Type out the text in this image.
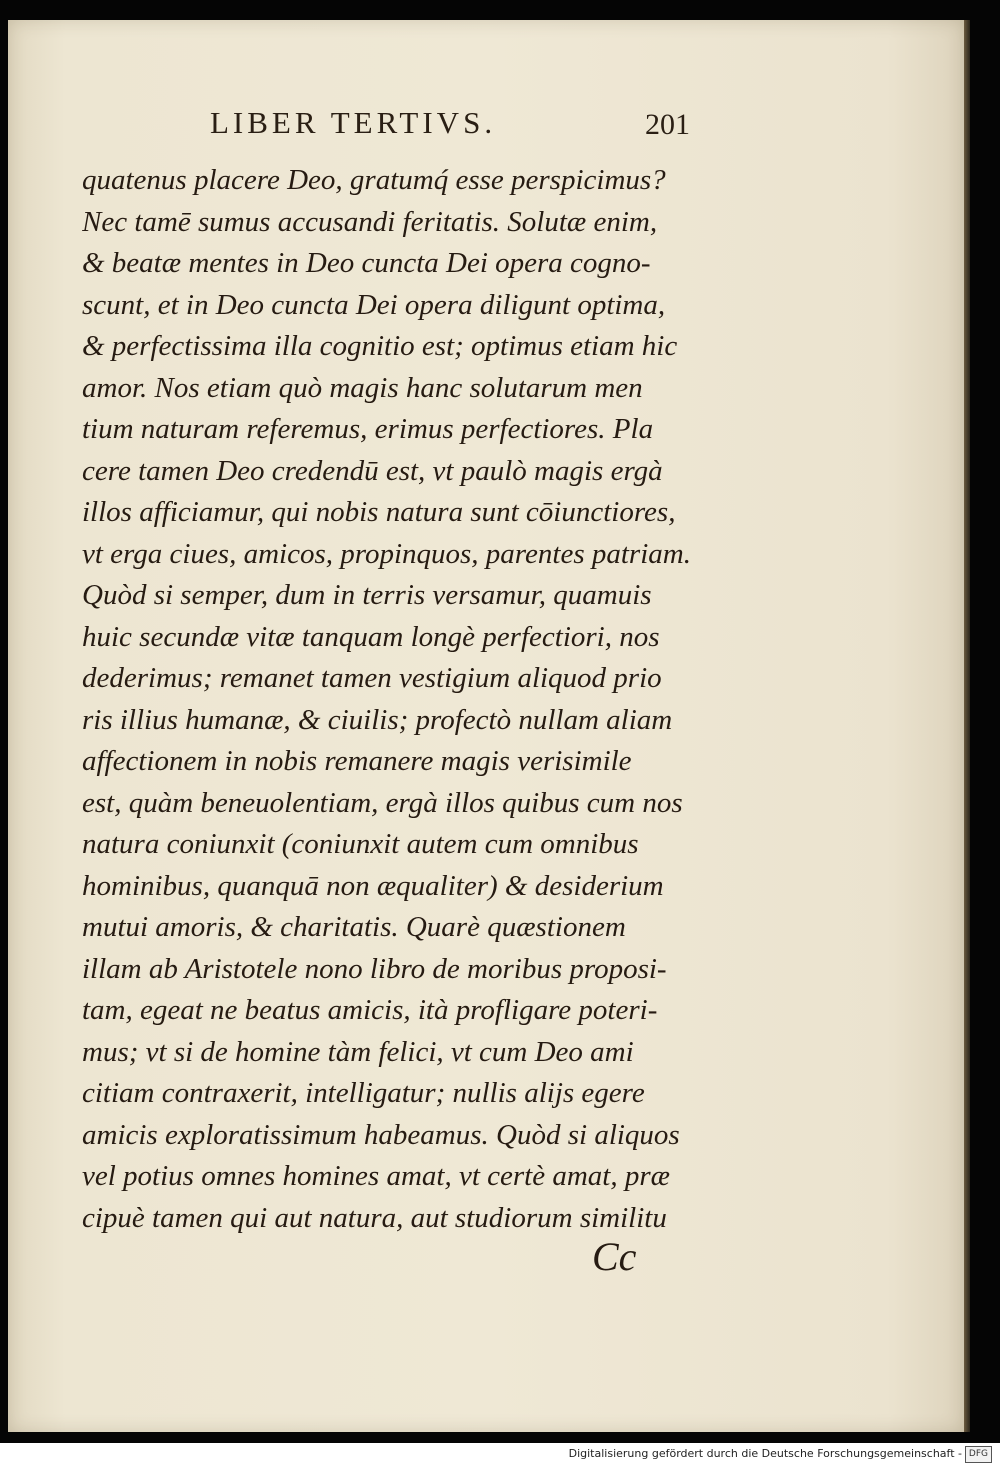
LIBER TERTIVS.	201
quatenus placere Deo, gratumq́ esse perspicimus?
Nec tamē sumus accusandi feritatis. Solutæ enim,
& beatæ mentes in Deo cuncta Dei opera cogno-
scunt, et in Deo cuncta Dei opera diligunt optima,
& perfectissima illa cognitio est; optimus etiam hic
amor. Nos etiam quò magis hanc solutarum men
tium naturam referemus, erimus perfectiores. Pla
cere tamen Deo credendū est, vt paulò magis ergà
illos afficiamur, qui nobis natura sunt cōiunctiores,
vt erga ciues, amicos, propinquos, parentes patriam.
Quòd si semper, dum in terris versamur, quamuis
huic secundæ vitæ tanquam longè perfectiori, nos
dederimus; remanet tamen vestigium aliquod prio
ris illius humanæ, & ciuilis; profectò nullam aliam
affectionem in nobis remanere magis verisimile
est, quàm beneuolentiam, ergà illos quibus cum nos
natura coniunxit (coniunxit autem cum omnibus
hominibus, quanquā non æqualiter) & desiderium
mutui amoris, & charitatis. Quarè quæstionem
illam ab Aristotele nono libro de moribus proposi-
tam, egeat ne beatus amicis, ità profligare poteri-
mus; vt si de homine tàm felici, vt cum Deo ami
citiam contraxerit, intelligatur; nullis alijs egere
amicis exploratissimum habeamus. Quòd si aliquos
vel potius omnes homines amat, vt certè amat, præ
cipuè tamen qui aut natura, aut studiorum similitu
Cc
Digitalisierung gefördert durch die Deutsche Forschungsgemeinschaft - DFG
